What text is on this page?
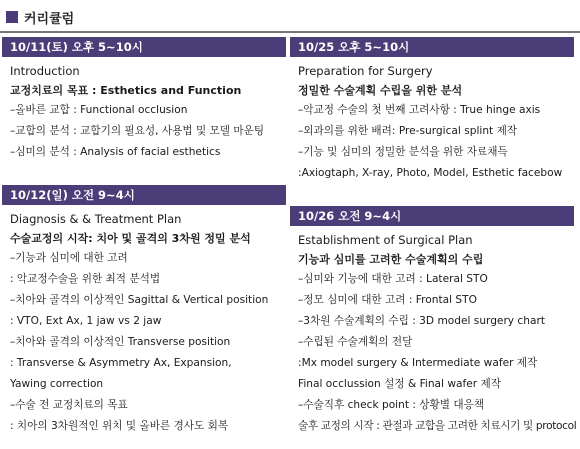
커리큘럼
10/11(토) 오후 5~10시
Introduction
교정치료의 목표 : Esthetics and Function
–올바른 교합 : Functional occlusion
–교합의 분석 : 교합기의 필요성, 사용법 및 모델 마운팅
–심미의 분석 : Analysis of facial esthetics
10/12(일) 오전 9~4시
Diagnosis & & Treatment Plan
수술교정의 시작: 치아 및 골격의 3차원 정밀 분석
–기능과 심미에 대한 고려
: 악교정수술을 위한 최적 분석법
–치아와 골격의 이상적인 Sagittal & Vertical position
: VTO, Ext Ax, 1 jaw vs 2 jaw
–치아와 골격의 이상적인 Transverse position
: Transverse & Asymmetry Ax, Expansion,
Yawing correction
–수술 전 교정치료의 목표
: 치아의 3차원적인 위치 및 올바른 경사도 회복
10/25 오후 5~10시
Preparation for Surgery
정밀한 수술계획 수립을 위한 분석
–악교정 수술의 첫 번째 고려사항 : True hinge axis
–외과의를 위한 배려: Pre-surgical splint 제작
–기능 및 심미의 정밀한 분석을 위한 자료채득
:Axiogtaph, X-ray, Photo, Model, Esthetic facebow
10/26 오전 9~4시
Establishment of Surgical Plan
기능과 심미를 고려한 수술계획의 수립
–심미와 기능에 대한 고려 : Lateral STO
–정모 심미에 대한 고려 : Frontal STO
–3차원 수술계획의 수립 : 3D model surgery chart
–수립된 수술계획의 전달
:Mx model surgery & Intermediate wafer 제작
Final occlussion 설정 & Final wafer 제작
–수술직후 check point : 상황별 대응책
술후 교정의 시작 : 관절과 교합을 고려한 치료시기 및 protocol
